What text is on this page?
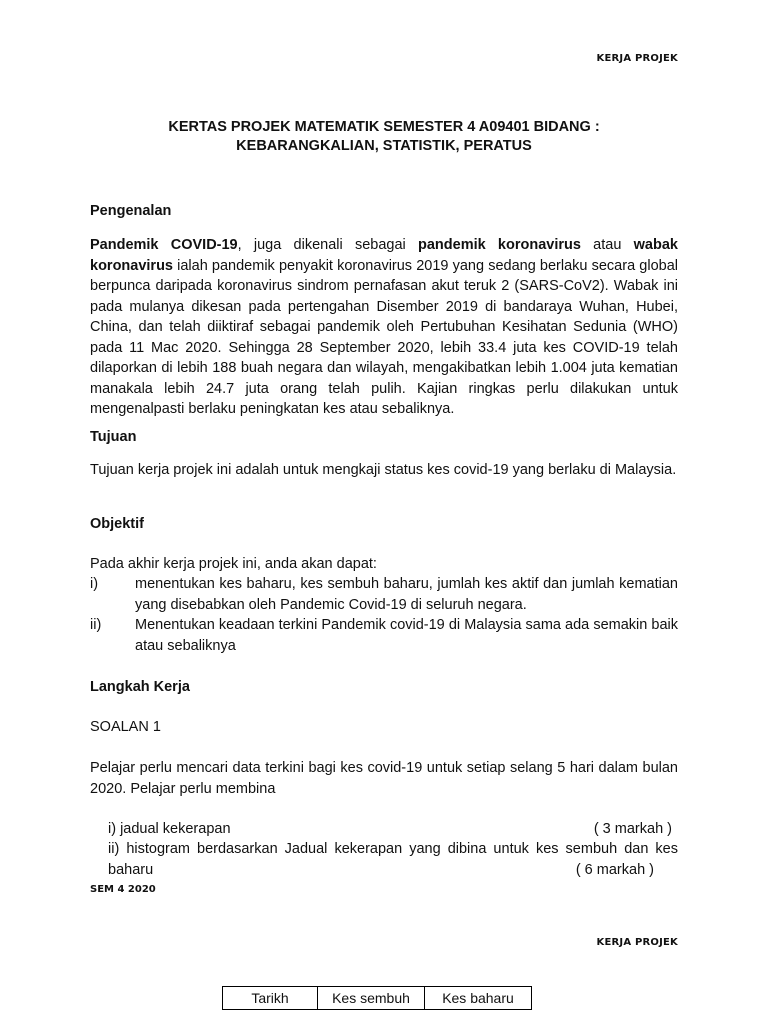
KERJA PROJEK
KERTAS PROJEK MATEMATIK SEMESTER 4 A09401 BIDANG :
KEBARANGKALIAN, STATISTIK, PERATUS
Pengenalan
Pandemik COVID-19, juga dikenali sebagai pandemik koronavirus atau wabak koronavirus ialah pandemik penyakit koronavirus 2019 yang sedang berlaku secara global berpunca daripada koronavirus sindrom pernafasan akut teruk 2 (SARS-CoV2). Wabak ini pada mulanya dikesan pada pertengahan Disember 2019 di bandaraya Wuhan, Hubei, China, dan telah diiktiraf sebagai pandemik oleh Pertubuhan Kesihatan Sedunia (WHO) pada 11 Mac 2020. Sehingga 28 September 2020, lebih 33.4 juta kes COVID-19 telah dilaporkan di lebih 188 buah negara dan wilayah, mengakibatkan lebih 1.004 juta kematian manakala lebih 24.7 juta orang telah pulih. Kajian ringkas perlu dilakukan untuk mengenalpasti berlaku peningkatan kes atau sebaliknya.
Tujuan
Tujuan kerja projek ini adalah untuk mengkaji status kes covid-19 yang berlaku di Malaysia.
Objektif
Pada akhir kerja projek ini, anda akan dapat:
i)	menentukan kes baharu, kes sembuh baharu, jumlah kes aktif dan jumlah kematian yang disebabkan oleh Pandemic Covid-19 di seluruh negara.
ii) Menentukan keadaan terkini Pandemik covid-19 di Malaysia sama ada semakin baik atau sebaliknya
Langkah Kerja
SOALAN 1
Pelajar perlu mencari data terkini bagi kes covid-19 untuk setiap selang 5 hari dalam bulan 2020. Pelajar perlu membina
i) jadual kekerapan	( 3 markah )
ii) histogram berdasarkan Jadual kekerapan yang dibina untuk kes sembuh dan kes baharu	( 6 markah )
SEM 4 2020
KERJA PROJEK
Tarikh	Kes sembuh	Kes baharu
